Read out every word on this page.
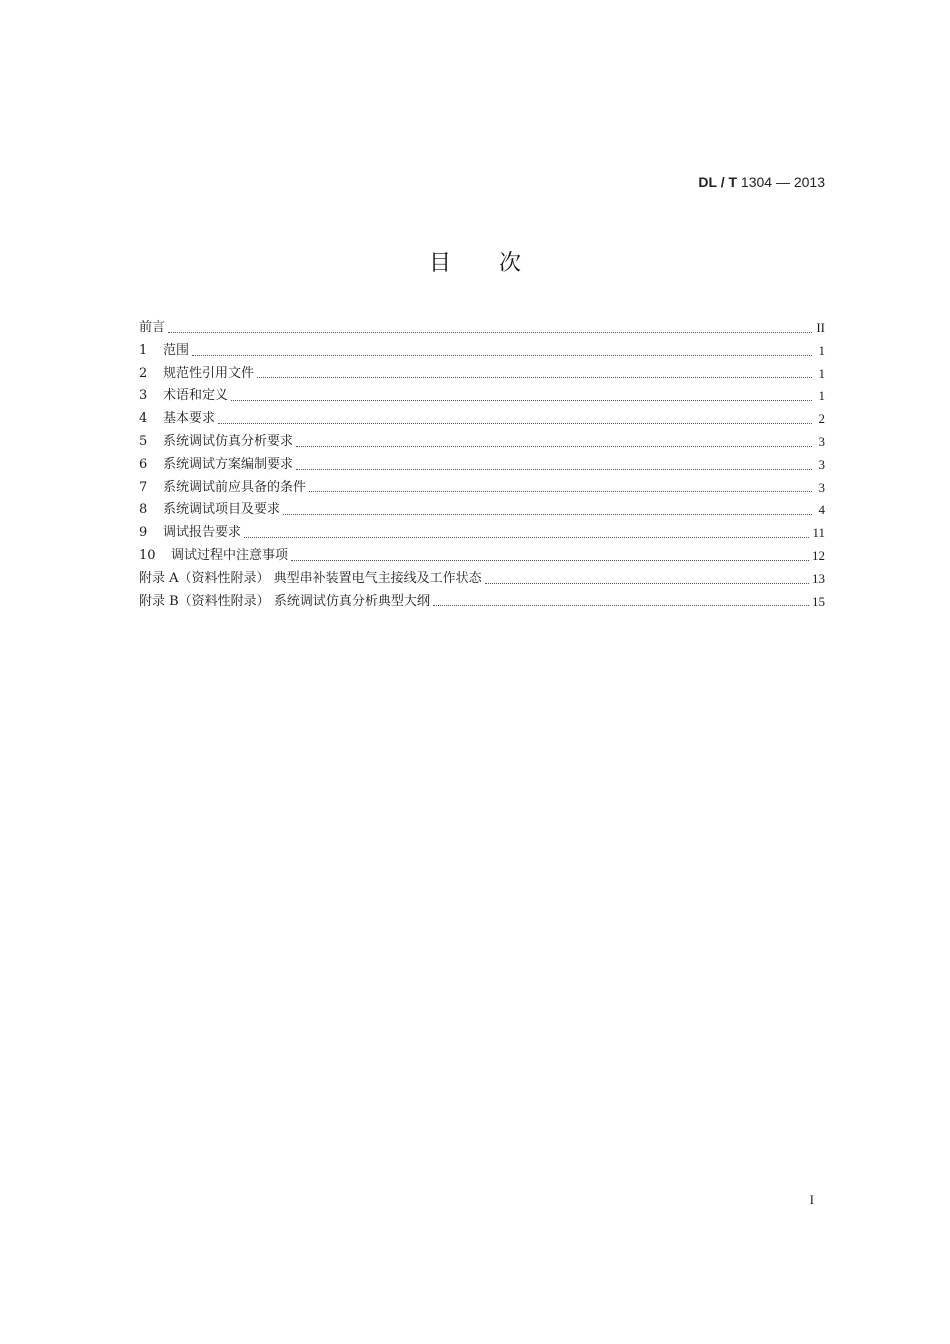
DL / T 1304 — 2013
目次
前言	II
1	范围	1
2	规范性引用文件	1
3	术语和定义	1
4	基本要求	2
5	系统调试仿真分析要求	3
6	系统调试方案编制要求	3
7	系统调试前应具备的条件	3
8	系统调试项目及要求	4
9	调试报告要求	11
10	调试过程中注意事项	12
附录 A（资料性附录） 典型串补装置电气主接线及工作状态	13
附录 B（资料性附录） 系统调试仿真分析典型大纲	15
I
